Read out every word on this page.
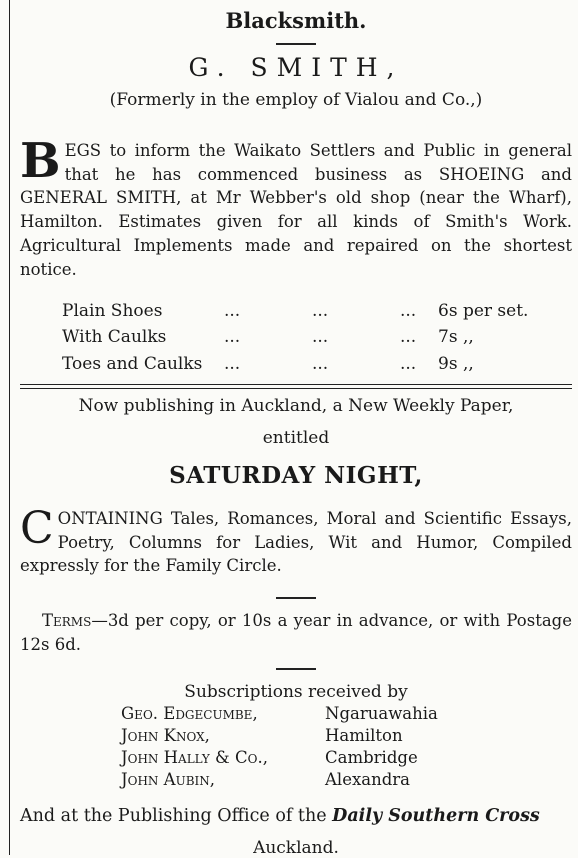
Blacksmith.
G. SMITH,
(Formerly in the employ of Vialou and Co.,)
BEGS to inform the Waikato Settlers and Public in general that he has commenced business as SHOEING and GENERAL SMITH, at Mr Webber's old shop (near the Wharf), Hamilton. Estimates given for all kinds of Smith's Work. Agricultural Implements made and repaired on the shortest notice.
Plain Shoes	...	...	... 6s per set.
With Caulks	...	...	... 7s ,,
Toes and Caulks ...	...	... 9s ,,
Now publishing in Auckland, a New Weekly Paper,
entitled
SATURDAY NIGHT,
CONTAINING Tales, Romances, Moral and Scientific Essays, Poetry, Columns for Ladies, Wit and Humor, Compiled expressly for the Family Circle.
Terms—3d per copy, or 10s a year in advance, or with Postage 12s 6d.
Subscriptions received by
Geo. Edgecumbe,	Ngaruawahia
John Knox,	Hamilton
John Hally & Co.,	Cambridge
John Aubin,	Alexandra
And at the Publishing Office of the Daily Southern Cross
Auckland.
